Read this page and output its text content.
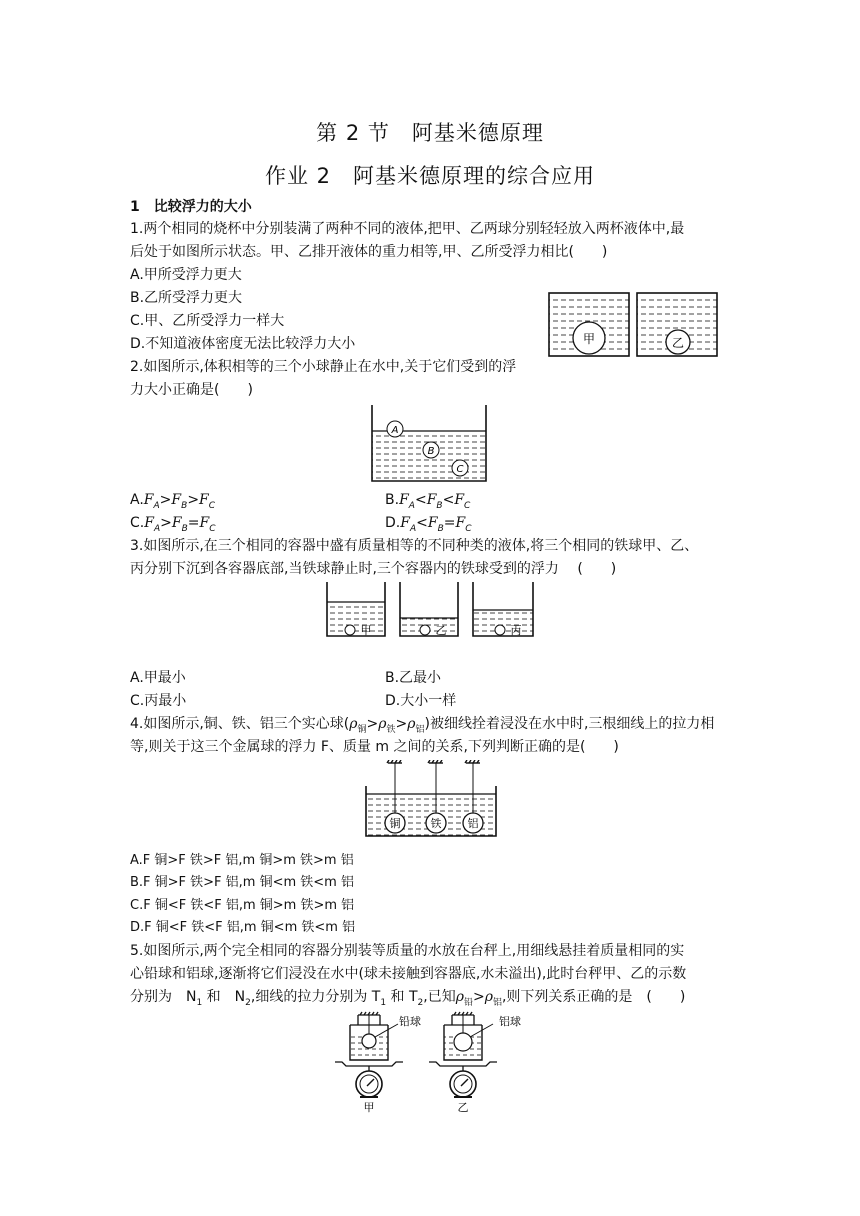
第 2 节　阿基米德原理
作业 2　阿基米德原理的综合应用
1　比较浮力的大小
1.两个相同的烧杯中分别装满了两种不同的液体,把甲、乙两球分别轻轻放入两杯液体中,最
后处于如图所示状态。甲、乙排开液体的重力相等,甲、乙所受浮力相比(　　)
A.甲所受浮力更大
B.乙所受浮力更大
C.甲、乙所受浮力一样大
D.不知道液体密度无法比较浮力大小	甲	乙
2.如图所示,体积相等的三个小球静止在水中,关于它们受到的浮
力大小正确是(　　)
A
B
C
$A.F_A>F_B>F_C$	$B.F_A<F_B<F_C$
$C.F_A>F_B=F_C$	$D.F_A<F_B=F_C$
3.如图所示,在三个相同的容器中盛有质量相等的不同种类的液体,将三个相同的铁球甲、乙、
丙分别下沉到各容器底部,当铁球静止时,三个容器内的铁球受到的浮力　 (　　)
甲	乙	丙
A.甲最小	B.乙最小
C.丙最小	D.大小一样
4.如图所示,铜、铁、铝三个实心球$(\rho_铜>\rho_铁>\rho_铝)$被细线拴着浸没在水中时,三根细线上的拉力相
等,则关于这三个金属球的浮力 F、质量 m 之间的关系,下列判断正确的是(　　)
铜	铁 铝
A.F 铜>F 铁>F 铝,m 铜>m 铁>m 铝
B.F 铜>F 铁>F 铝,m 铜<m 铁<m 铝
C.F 铜<F 铁<F 铝,m 铜>m 铁>m 铝
D.F 铜<F 铁<F 铝,m 铜<m 铁<m 铝
5.如图所示,两个完全相同的容器分别装等质量的水放在台秤上,用细线悬挂着质量相同的实
心铅球和铝球,逐渐将它们浸没在水中(球未接触到容器底,水未溢出),此时台秤甲、乙的示数
分别为　$N_1$ 和　$N_2$,细线的拉力分别为 $T_1$ 和 $T_2$,已知$\rho_铅>\rho_铝$,则下列关系正确的是　(　　)
铅球
甲
铝球
乙
